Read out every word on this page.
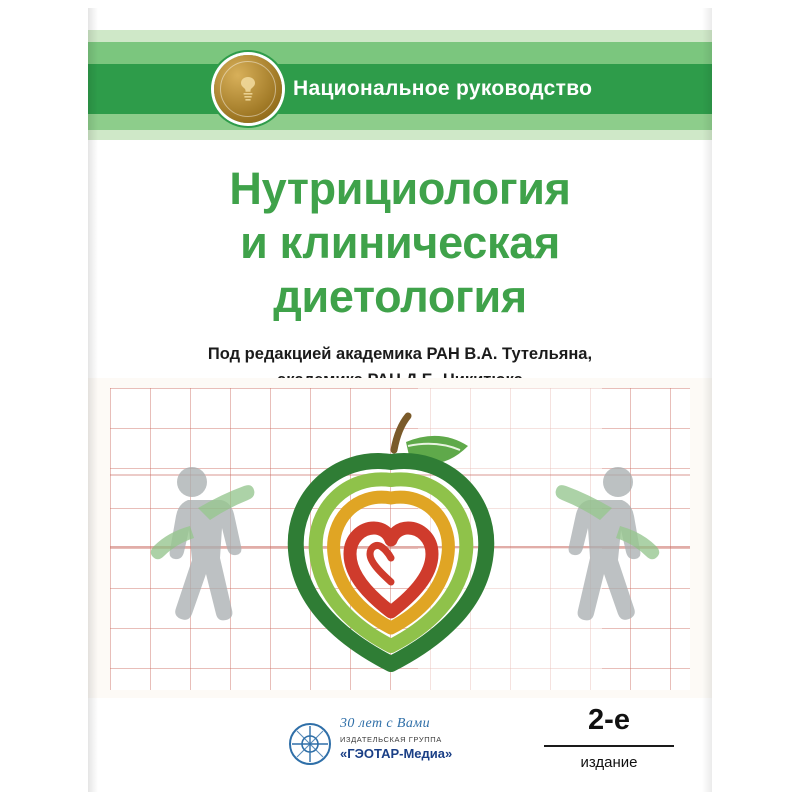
Национальное руководство
Нутрициология
и клиническая
диетология
Под редакцией академика РАН В.А. Тутельяна,
30 лет с Вами
ИЗДАТЕЛЬСКАЯ ГРУППА
«ГЭОТАР-Медиа»
2-е
издание
